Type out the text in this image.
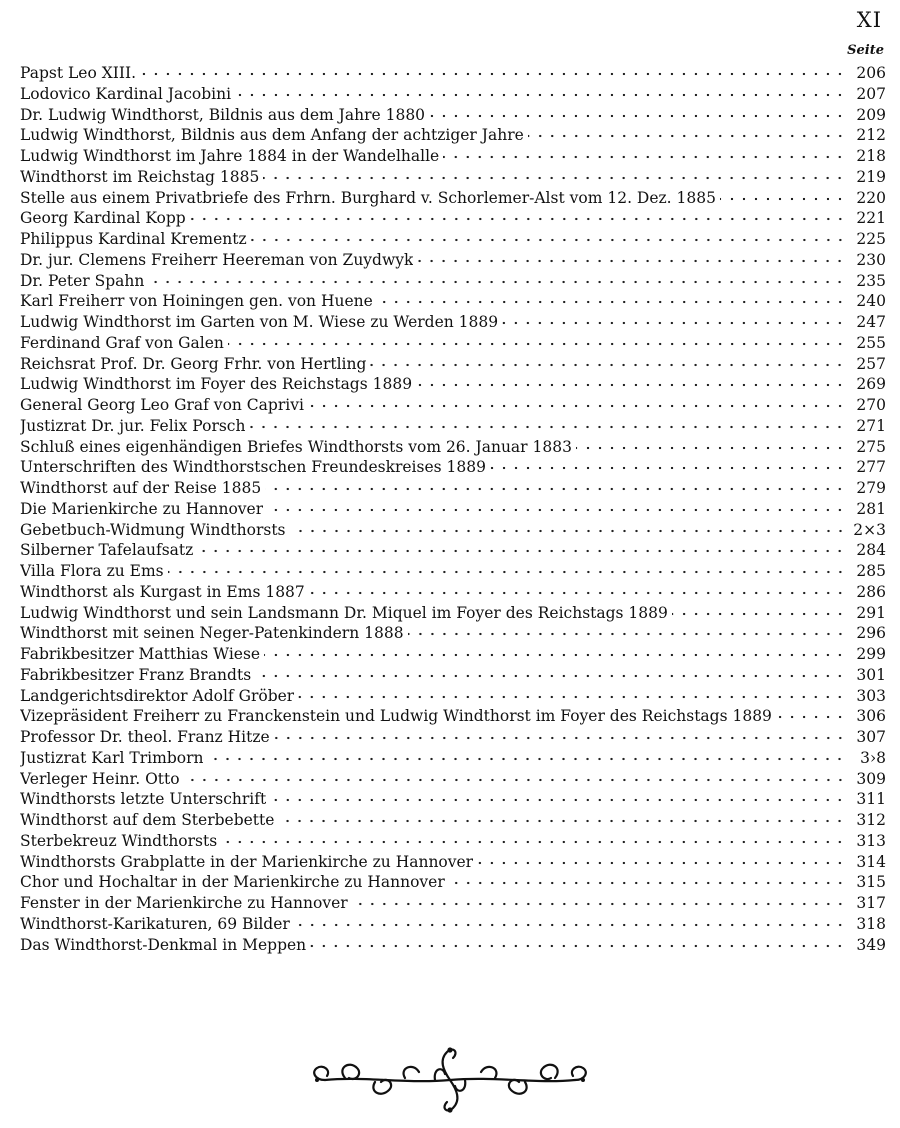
XI
Seite
Papst Leo XIII.	206
Lodovico Kardinal Jacobini	207
Dr. Ludwig Windthorst, Bildnis aus dem Jahre 1880	209
Ludwig Windthorst, Bildnis aus dem Anfang der achtziger Jahre	212
Ludwig Windthorst im Jahre 1884 in der Wandelhalle	218
Windthorst im Reichstag 1885	219
Stelle aus einem Privatbriefe des Frhrn. Burghard v. Schorlemer-Alst vom 12. Dez. 1885	220
Georg Kardinal Kopp	221
Philippus Kardinal Krementz	225
Dr. jur. Clemens Freiherr Heereman von Zuydwyk	230
Dr. Peter Spahn	235
Karl Freiherr von Hoiningen gen. von Huene	240
Ludwig Windthorst im Garten von M. Wiese zu Werden 1889	247
Ferdinand Graf von Galen	255
Reichsrat Prof. Dr. Georg Frhr. von Hertling	257
Ludwig Windthorst im Foyer des Reichstags 1889	269
General Georg Leo Graf von Caprivi	270
Justizrat Dr. jur. Felix Porsch	271
Schluß eines eigenhändigen Briefes Windthorsts vom 26. Januar 1883	275
Unterschriften des Windthorstschen Freundeskreises 1889	277
Windthorst auf der Reise 1885	279
Die Marienkirche zu Hannover	281
Gebetbuch-Widmung Windthorsts	2×3
Silberner Tafelaufsatz	284
Villa Flora zu Ems	285
Windthorst als Kurgast in Ems 1887	286
Ludwig Windthorst und sein Landsmann Dr. Miquel im Foyer des Reichstags 1889	291
Windthorst mit seinen Neger-Patenkindern 1888	296
Fabrikbesitzer Matthias Wiese	299
Fabrikbesitzer Franz Brandts	301
Landgerichtsdirektor Adolf Gröber	303
Vizepräsident Freiherr zu Franckenstein und Ludwig Windthorst im Foyer des Reichstags 1889	306
Professor Dr. theol. Franz Hitze	307
Justizrat Karl Trimborn	3›8
Verleger Heinr. Otto	309
Windthorsts letzte Unterschrift	311
Windthorst auf dem Sterbebette	312
Sterbekreuz Windthorsts	313
Windthorsts Grabplatte in der Marienkirche zu Hannover	314
Chor und Hochaltar in der Marienkirche zu Hannover	315
Fenster in der Marienkirche zu Hannover	317
Windthorst-Karikaturen, 69 Bilder	318
Das Windthorst-Denkmal in Meppen	349
